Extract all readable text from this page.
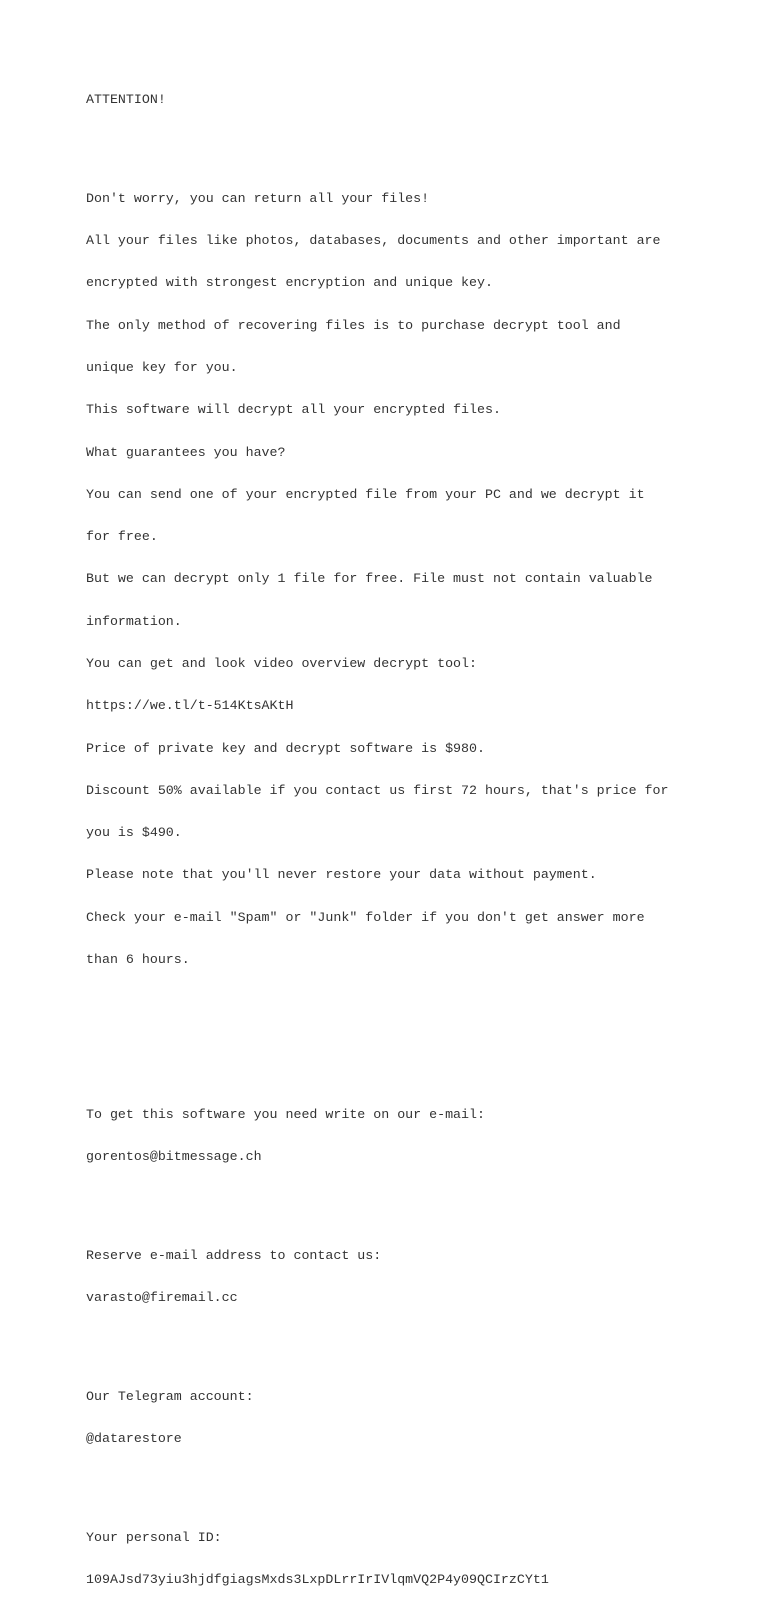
ATTENTION!

Don't worry, you can return all your files!

All your files like photos, databases, documents and other important are

encrypted with strongest encryption and unique key.

The only method of recovering files is to purchase decrypt tool and

unique key for you.

This software will decrypt all your encrypted files.

What guarantees you have?

You can send one of your encrypted file from your PC and we decrypt it

for free.

But we can decrypt only 1 file for free. File must not contain valuable

information.

You can get and look video overview decrypt tool:

https://we.tl/t-514KtsAKtH

Price of private key and decrypt software is $980.

Discount 50% available if you contact us first 72 hours, that's price for

you is $490.

Please note that you'll never restore your data without payment.

Check your e-mail "Spam" or "Junk" folder if you don't get answer more

than 6 hours.

To get this software you need write on our e-mail:

gorentos@bitmessage.ch

Reserve e-mail address to contact us:

varasto@firemail.cc

Our Telegram account:

@datarestore

Your personal ID:

109AJsd73yiu3hjdfgiagsMxds3LxpDLrrIrIVlqmVQ2P4y09QCIrzCYt1
